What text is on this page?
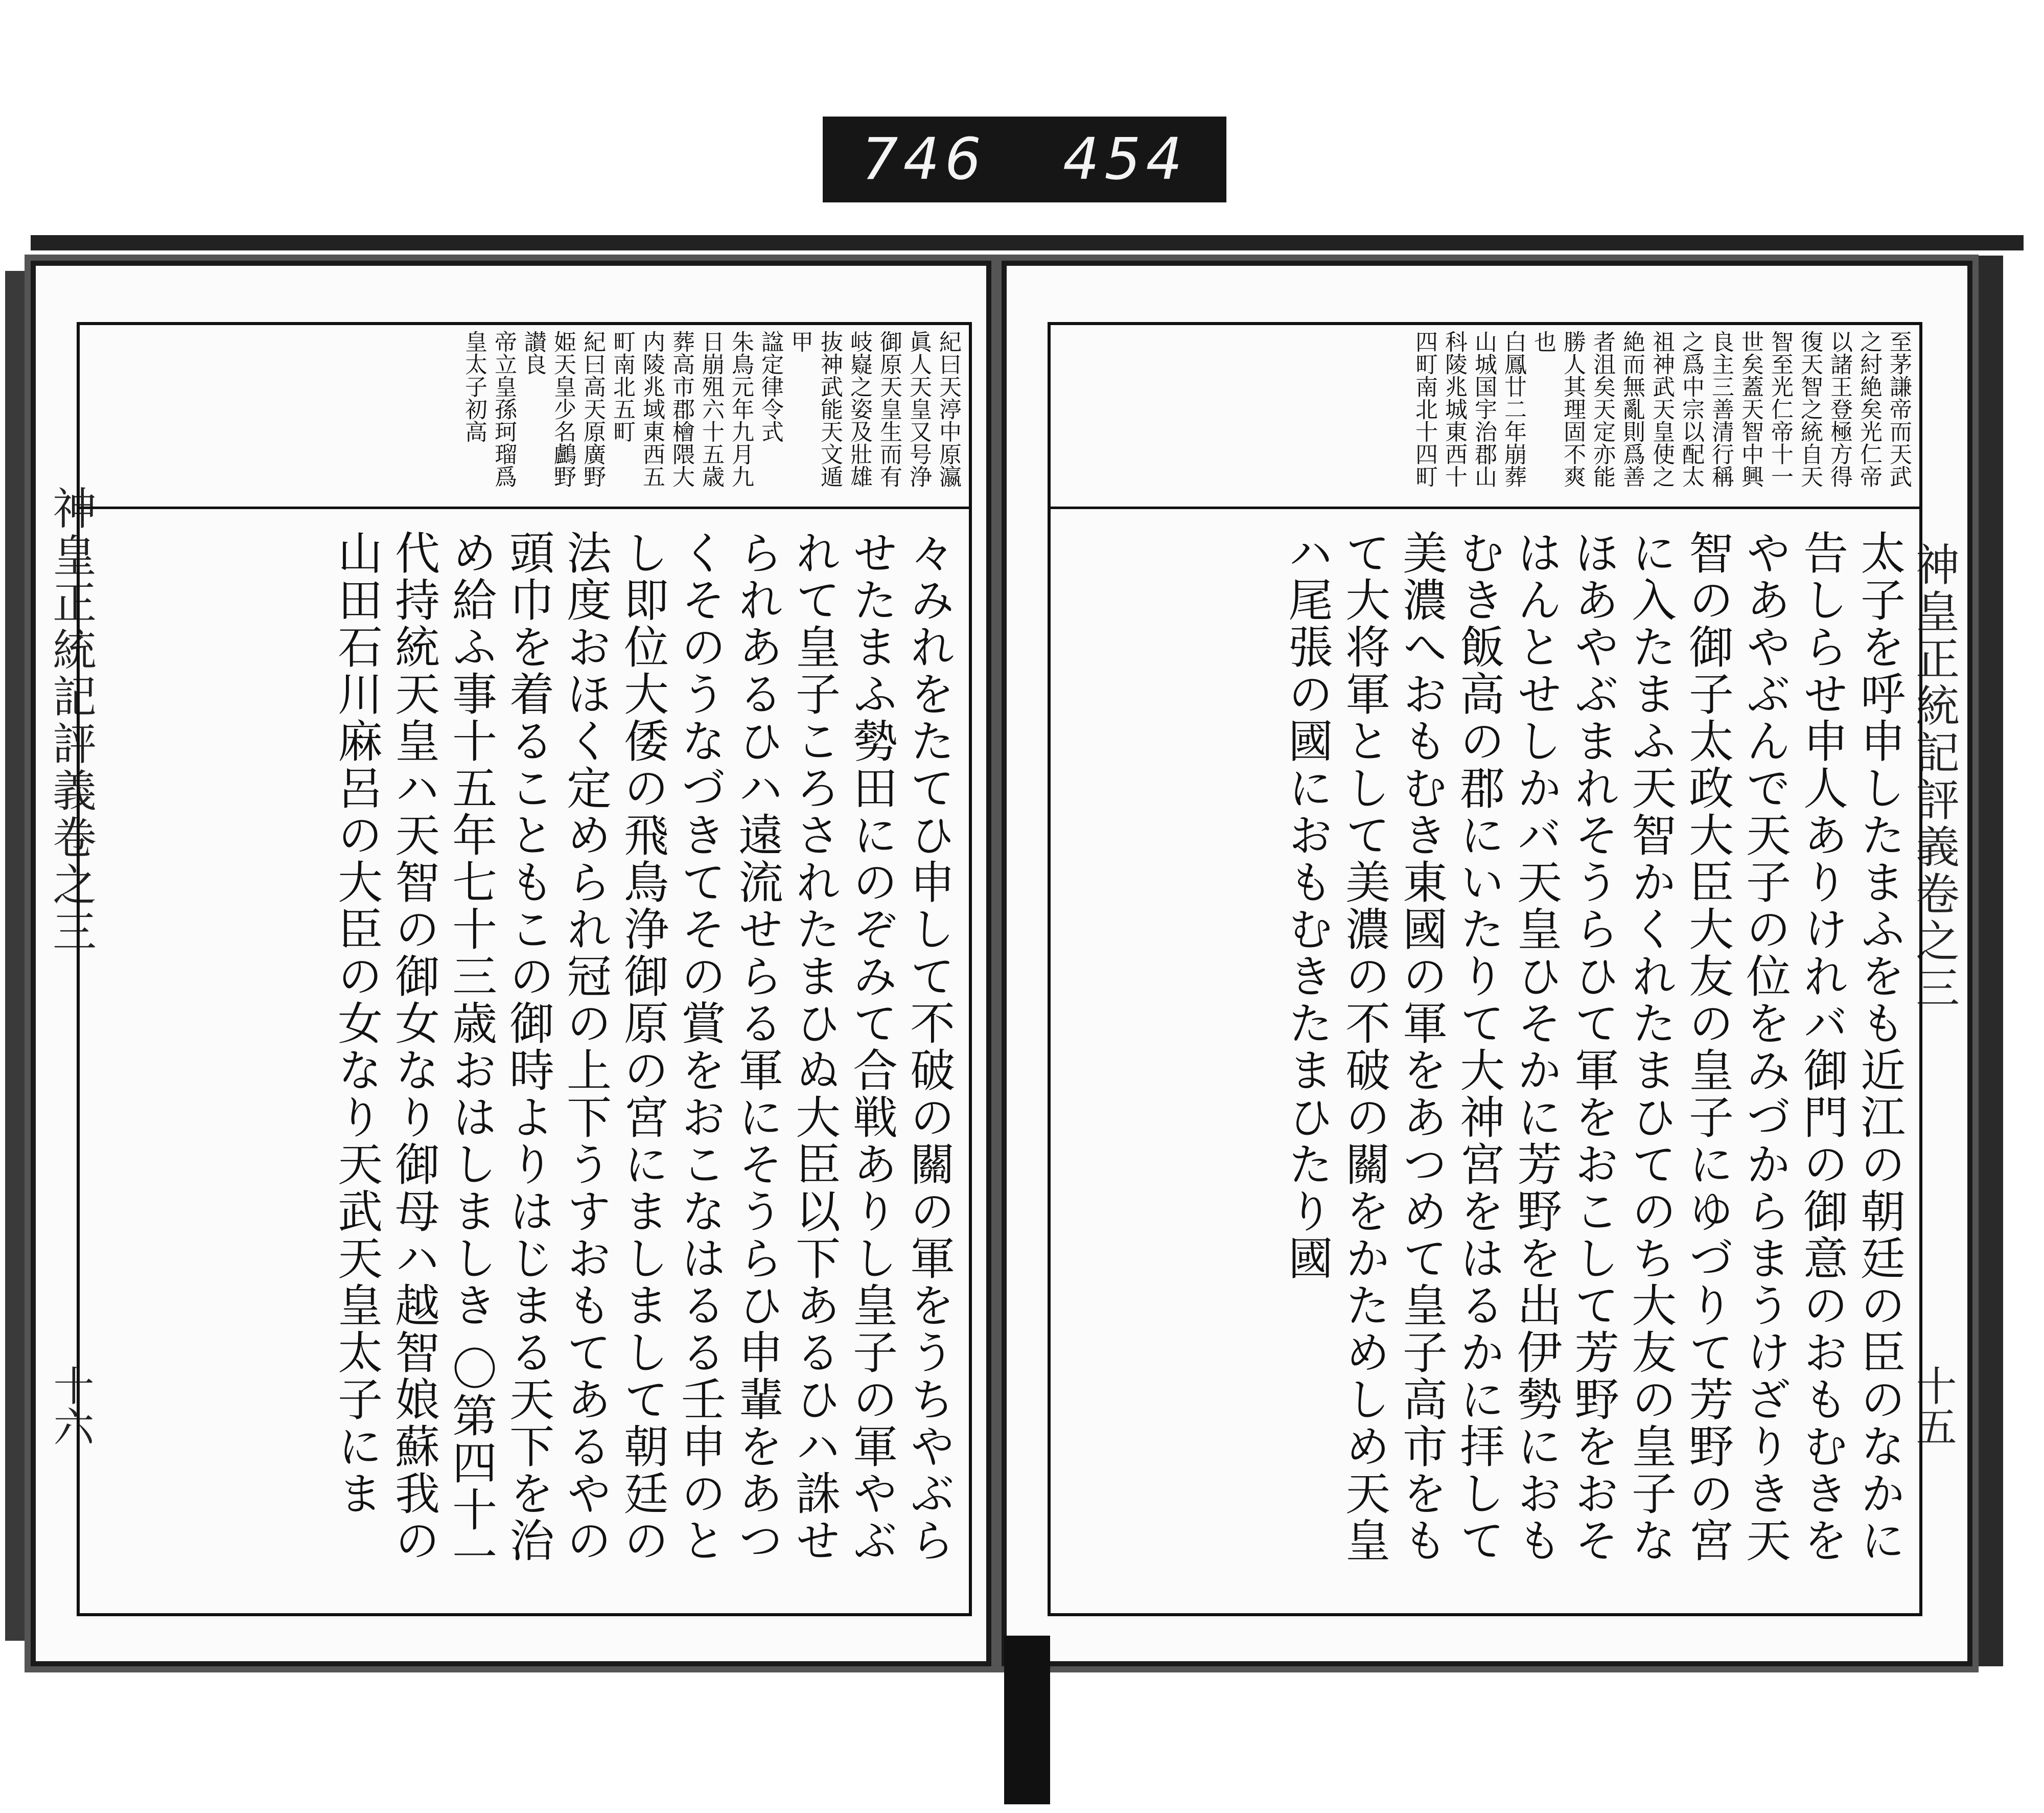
746 454
神皇正統記評義卷之三
十六
紀曰天渟中原瀛眞人天皇又号浄御原天皇生而有岐嶷之姿及壯雄抜神武能天文遁甲
諡定律令式
朱鳥元年九月九日崩殂六十五歳葬高市郡檜隈大内陵兆域東西五町南北五町
紀曰高天原廣野姫天皇少名鸕野讃良
帝立皇孫珂瑠爲皇太子初高
々みれをたてひ申して不破の關の軍をうちやぶらせたまふ勢田にのぞみて合戦ありし皇子の軍やぶれて皇子ころされたまひぬ大臣以下あるひハ誅せられあるひハ遠流せらる軍にそうらひ申輩をあつくそのうなづきてその賞をおこなはるる壬申のとし即位大倭の飛鳥浄御原の宮にましまして朝廷の法度おほく定められ冠の上下うすおもてあるやの頭巾を着ることもこの御時よりはじまる天下を治め給ふ事十五年七十三歳おはしましき 〇第四十一代持統天皇ハ天智の御女なり御母ハ越智娘蘇我の山田石川麻呂の大臣の女なり天武天皇太子にま	神皇正統記評義卷之三
十五
至茅謙帝而天武之紂絶矣光仁帝以諸王登極方得復天智之統自天智至光仁帝十一世矣蓋天智中興良主三善清行稱之爲中宗以配太祖神武天皇使之絶而無亂則爲善者沮矣天定亦能勝人其理固不爽也
白鳳廿二年崩葬山城国宇治郡山科陵兆城東西十四町南北十四町
太子を呼申したまふをも近江の朝廷の臣のなかに告しらせ申人ありけれバ御門の御意のおもむきをやあやぶんで天子の位をみづからまうけざりき天智の御子太政大臣大友の皇子にゆづりて芳野の宮に入たまふ天智かくれたまひてのち大友の皇子なほあやぶまれそうらひて軍をおこして芳野をおそはんとせしかバ天皇ひそかに芳野を出伊勢におもむき飯高の郡にいたりて大神宮をはるかに拝して美濃へおもむき東國の軍をあつめて皇子高市をもて大将軍として美濃の不破の關をかためしめ天皇ハ尾張の國におもむきたまひたり國
